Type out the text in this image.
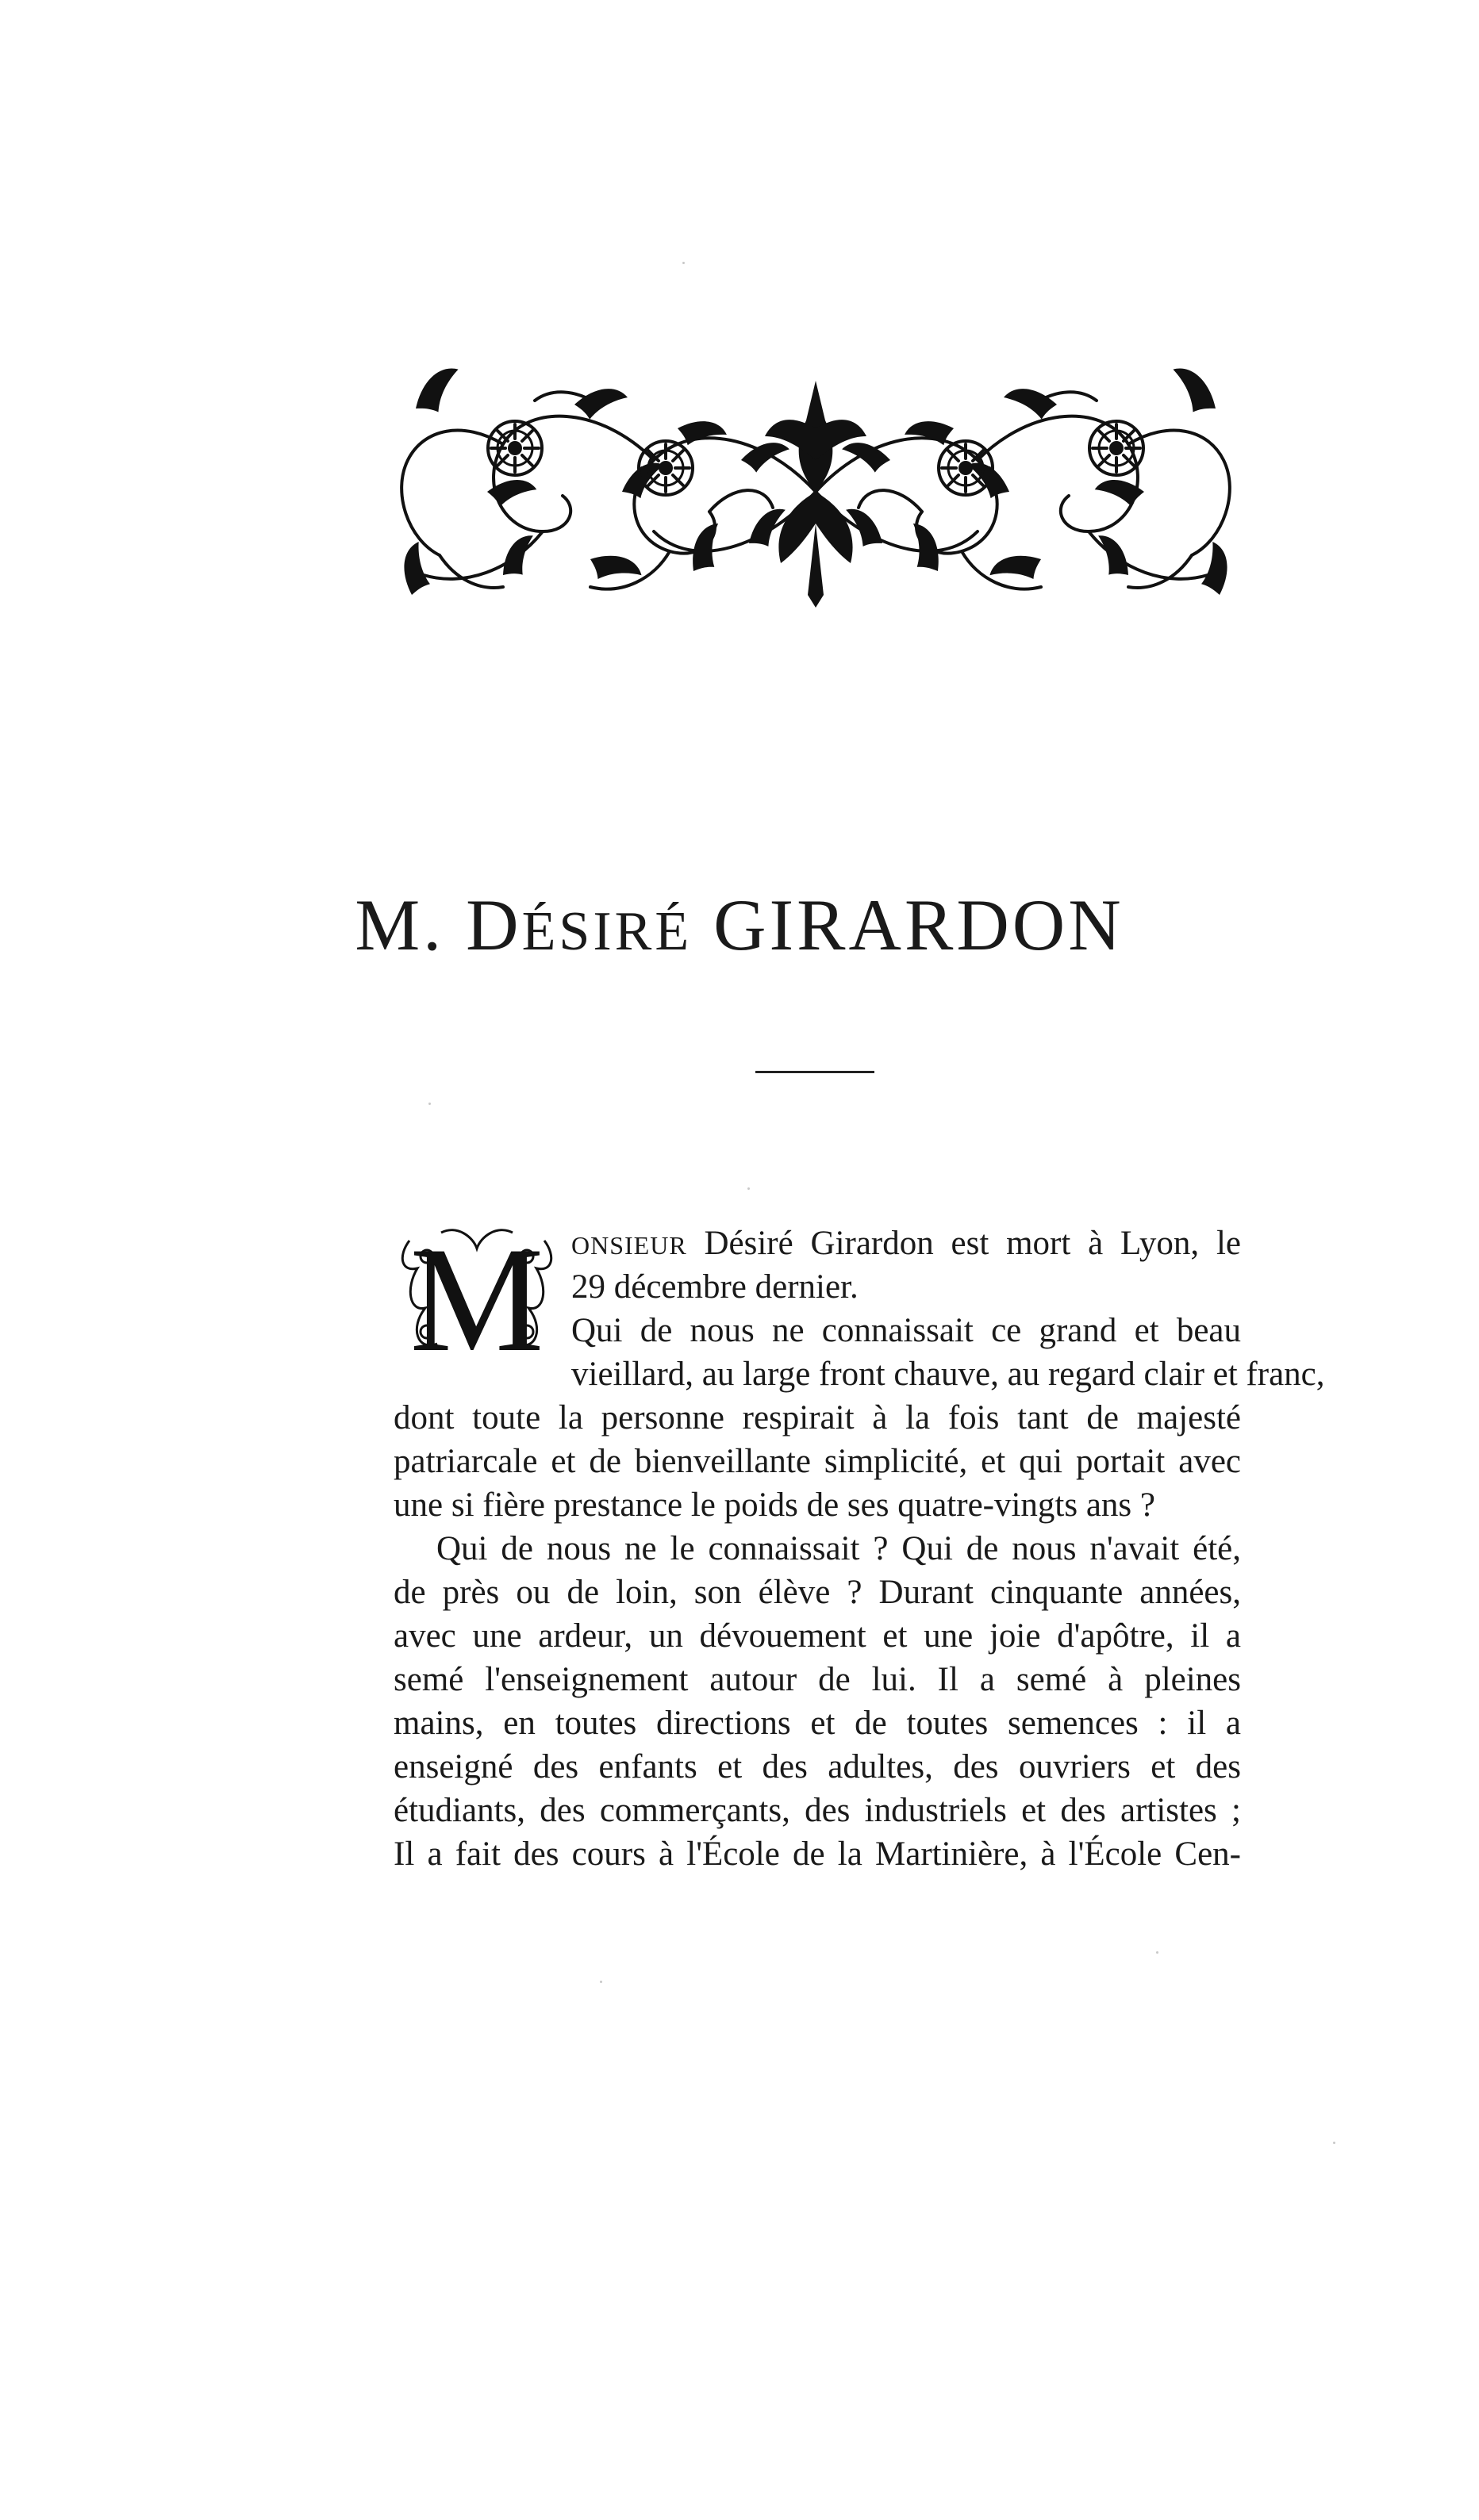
M. DÉSIRÉ GIRARDON
M	ONSIEUR Désiré Girardon est mort à Lyon, le
29 décembre dernier.
Qui de nous ne connaissait ce grand et beau
vieillard, au large front chauve, au regard clair et franc,
dont toute la personne respirait à la fois tant de majesté
patriarcale et de bienveillante simplicité, et qui portait avec
une si fière prestance le poids de ses quatre-vingts ans ?
Qui de nous ne le connaissait ? Qui de nous n'avait été,
de près ou de loin, son élève ? Durant cinquante années,
avec une ardeur, un dévouement et une joie d'apôtre, il a
semé l'enseignement autour de lui. Il a semé à pleines
mains, en toutes directions et de toutes semences : il a
enseigné des enfants et des adultes, des ouvriers et des
étudiants, des commerçants, des industriels et des artistes ;
Il a fait des cours à l'École de la Martinière, à l'École Cen-
